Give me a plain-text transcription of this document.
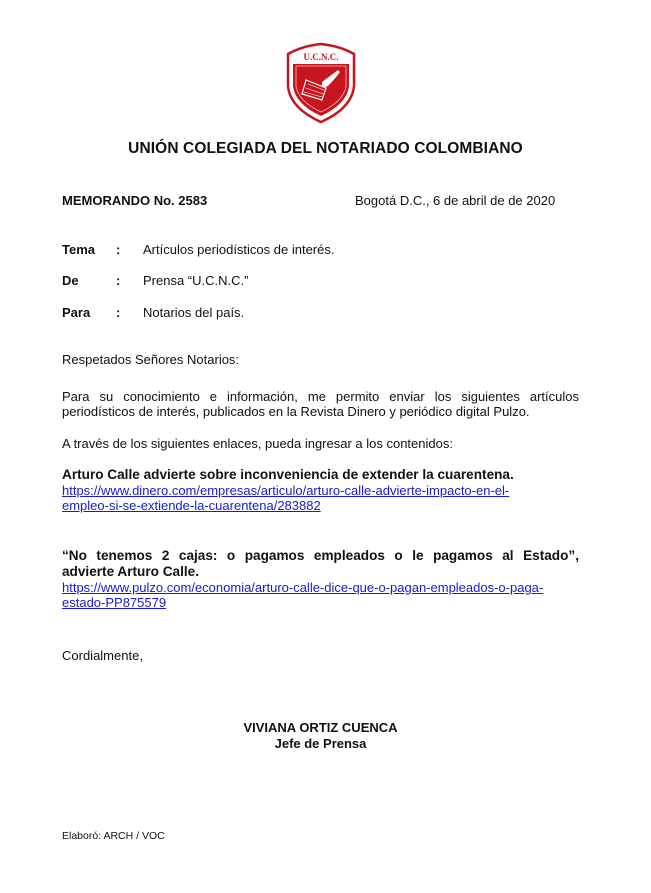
U.C.N.C.
UNIÓN COLEGIADA DEL NOTARIADO COLOMBIANO
MEMORANDO No. 2583	Bogotá D.C., 6 de abril de de 2020
Tema	:	Artículos periodísticos de interés.
De	:	Prensa “U.C.N.C.”
Para	:	Notarios del país.
Respetados Señores Notarios:
Para su conocimiento e información, me permito enviar los siguientes artículos
periodísticos de interés, publicados en la Revista Dinero y periódico digital Pulzo.
A través de los siguientes enlaces, pueda ingresar a los contenidos:
Arturo Calle advierte sobre inconveniencia de extender la cuarentena.
https://www.dinero.com/empresas/articulo/arturo-calle-advierte-impacto-en-el-
empleo-si-se-extiende-la-cuarentena/283882
“No tenemos 2 cajas: o pagamos empleados o le pagamos al Estado”,
advierte Arturo Calle.
https://www.pulzo.com/economia/arturo-calle-dice-que-o-pagan-empleados-o-paga-
estado-PP875579
Cordialmente,
VIVIANA ORTIZ CUENCA
Jefe de Prensa
Elaboró: ARCH / VOC
